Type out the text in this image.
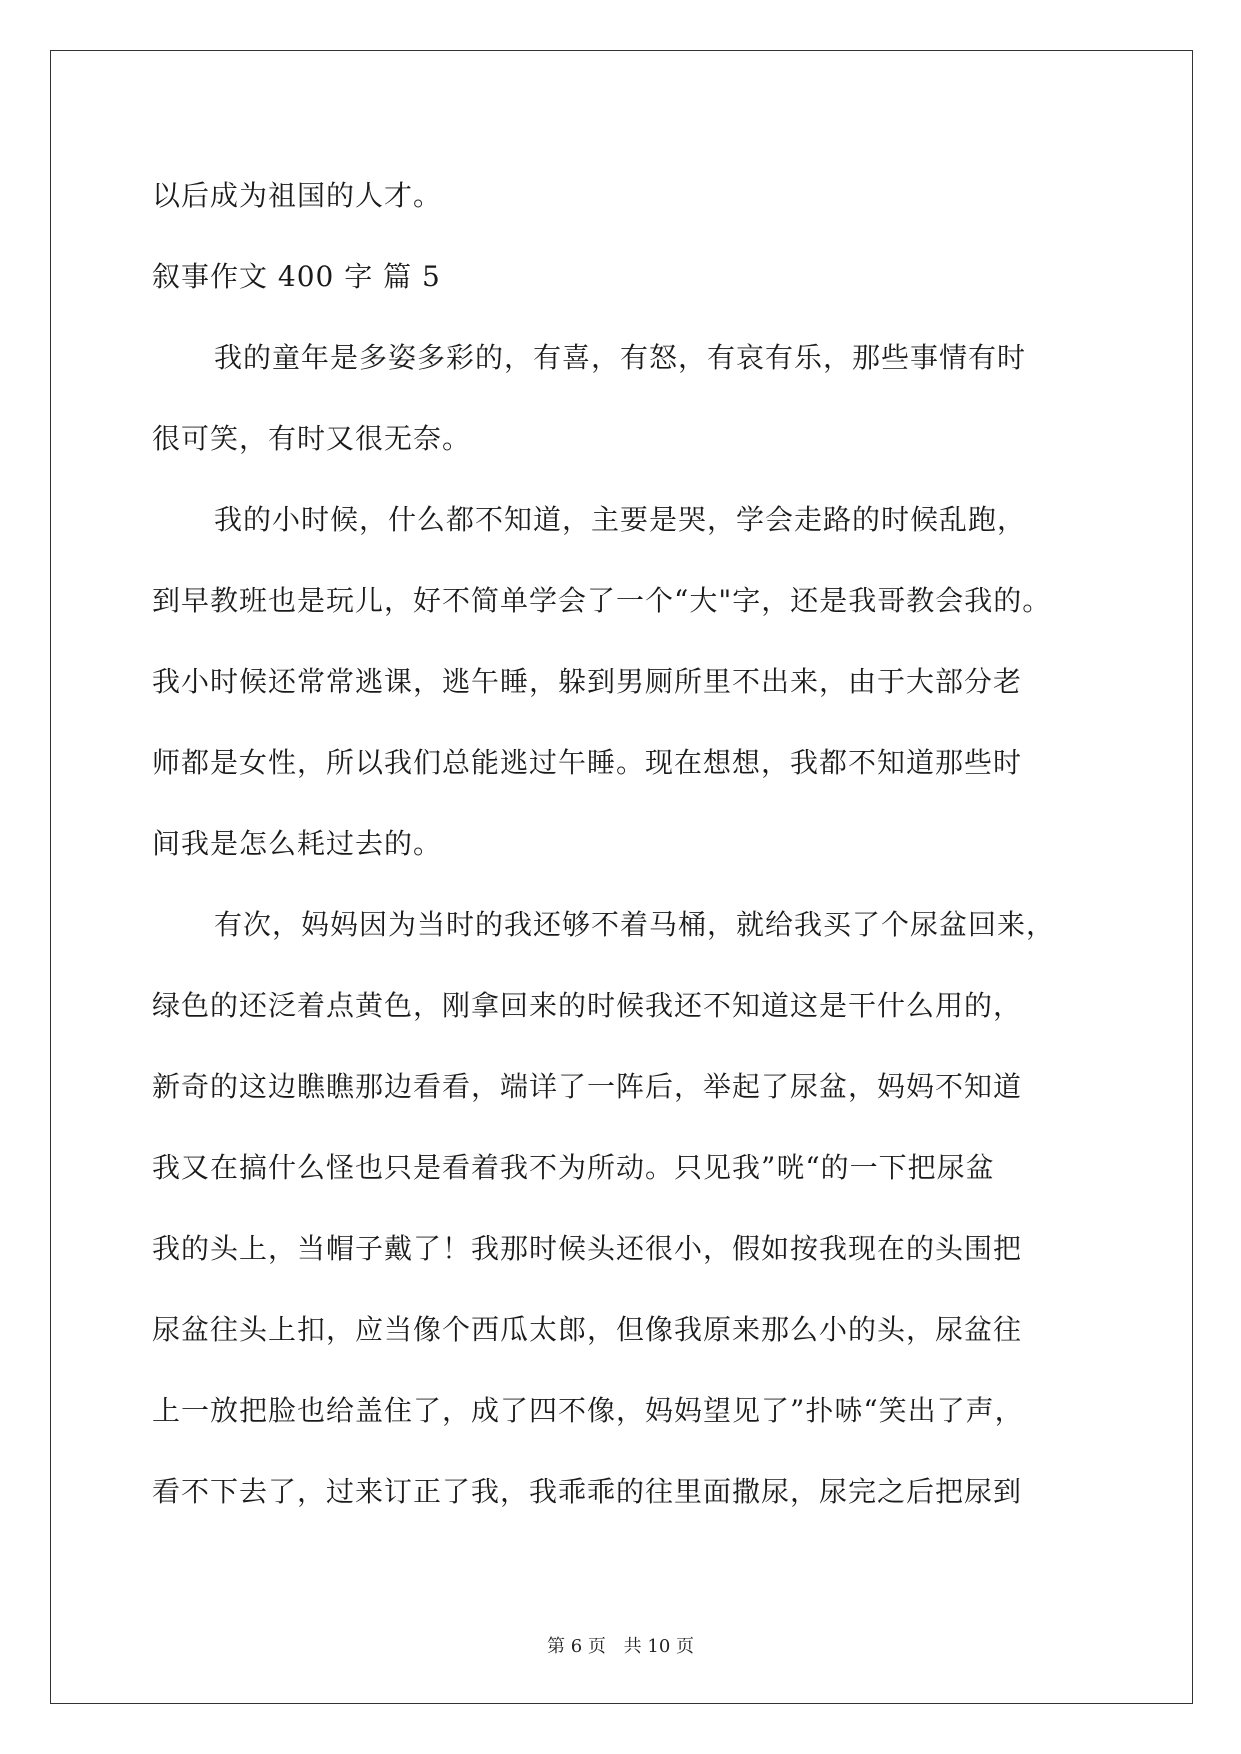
以后成为祖国的人才。

叙事作文 400 字 篇 5

我的童年是多姿多彩的，有喜，有怒，有哀有乐，那些事情有时

很可笑，有时又很无奈。

我的小时候，什么都不知道，主要是哭，学会走路的时候乱跑，

到早教班也是玩儿，好不简单学会了一个“大"字，还是我哥教会我的。

我小时候还常常逃课，逃午睡，躲到男厕所里不出来，由于大部分老

师都是女性，所以我们总能逃过午睡。现在想想，我都不知道那些时

间我是怎么耗过去的。

有次，妈妈因为当时的我还够不着马桶，就给我买了个尿盆回来，

绿色的还泛着点黄色，刚拿回来的时候我还不知道这是干什么用的，

新奇的这边瞧瞧那边看看，端详了一阵后，举起了尿盆，妈妈不知道

我又在搞什么怪也只是看着我不为所动。只见我”咣“的一下把尿盆

我的头上，当帽子戴了！我那时候头还很小，假如按我现在的头围把

尿盆往头上扣，应当像个西瓜太郎，但像我原来那么小的头，尿盆往

上一放把脸也给盖住了，成了四不像，妈妈望见了”扑哧“笑出了声，

看不下去了，过来订正了我，我乖乖的往里面撒尿，尿完之后把尿到

第 6 页 共 10 页
